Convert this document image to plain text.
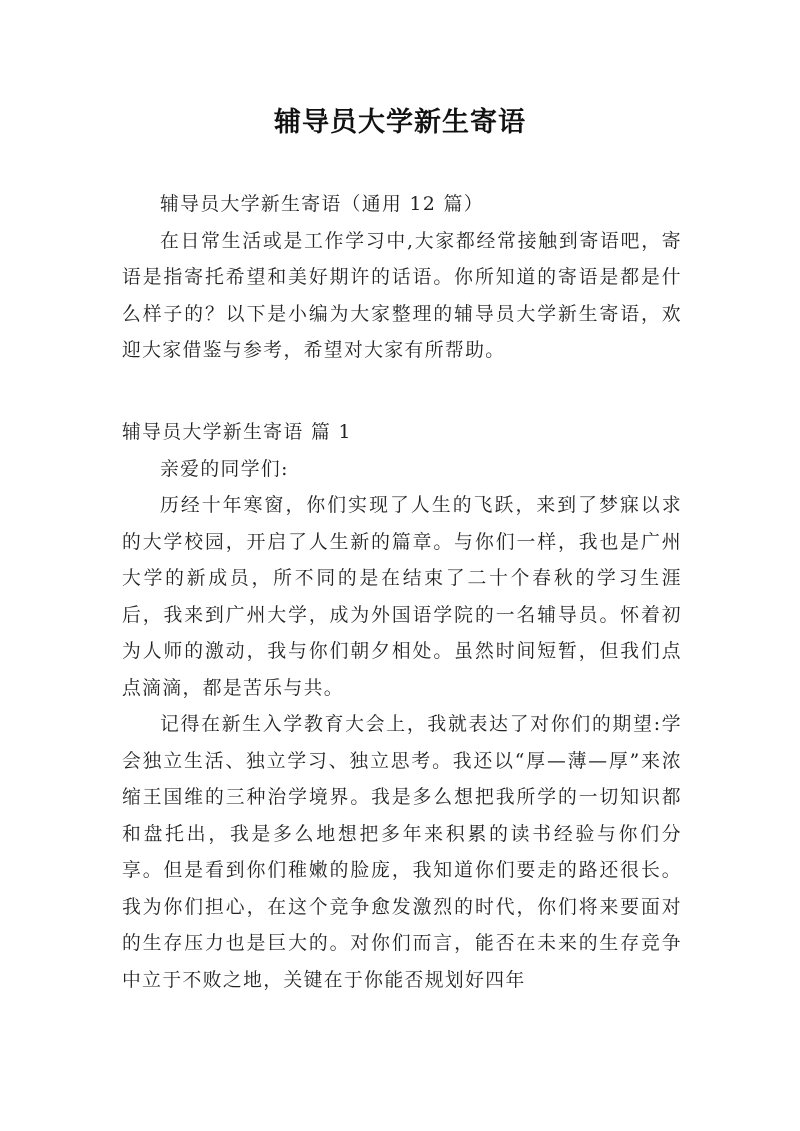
辅导员大学新生寄语

辅导员大学新生寄语（通用 12 篇）

在日常生活或是工作学习中,大家都经常接触到寄语吧，寄语是指寄托希望和美好期许的话语。你所知道的寄语是都是什么样子的？以下是小编为大家整理的辅导员大学新生寄语，欢迎大家借鉴与参考，希望对大家有所帮助。

辅导员大学新生寄语 篇 1

亲爱的同学们:

历经十年寒窗，你们实现了人生的飞跃，来到了梦寐以求的大学校园，开启了人生新的篇章。与你们一样，我也是广州大学的新成员，所不同的是在结束了二十个春秋的学习生涯后，我来到广州大学，成为外国语学院的一名辅导员。怀着初为人师的激动，我与你们朝夕相处。虽然时间短暂，但我们点点滴滴，都是苦乐与共。

记得在新生入学教育大会上，我就表达了对你们的期望:学会独立生活、独立学习、独立思考。我还以“厚—薄—厚”来浓缩王国维的三种治学境界。我是多么想把我所学的一切知识都和盘托出，我是多么地想把多年来积累的读书经验与你们分享。但是看到你们稚嫩的脸庞，我知道你们要走的路还很长。我为你们担心，在这个竞争愈发激烈的时代，你们将来要面对的生存压力也是巨大的。对你们而言，能否在未来的生存竞争中立于不败之地，关键在于你能否规划好四年
